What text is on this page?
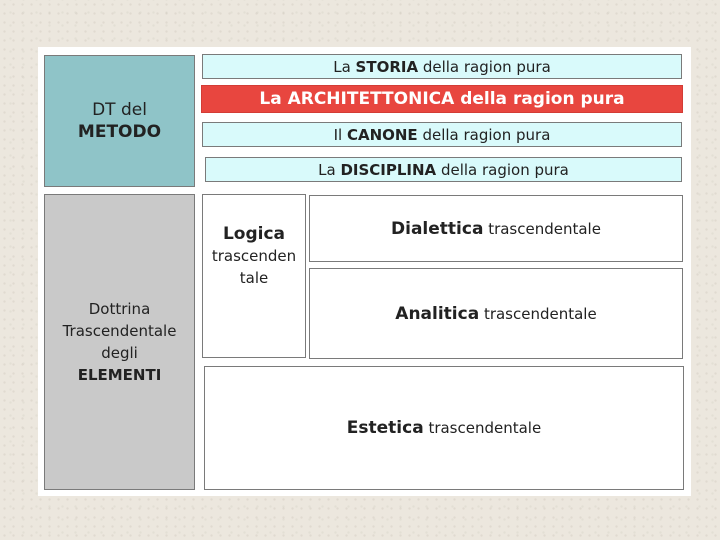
DT del
METODO
Dottrina
Trascendentale
degli
ELEMENTI
La STORIA della ragion pura
La ARCHITETTONICA della ragion pura
Il CANONE della ragion pura
La DISCIPLINA della ragion pura
Logica
trascenden
tale
Dialettica trascendentale
Analitica trascendentale
Estetica trascendentale
